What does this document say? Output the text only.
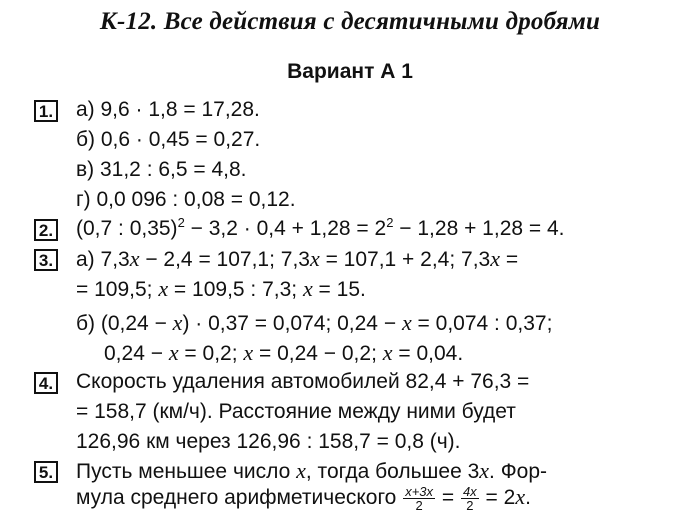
К-12. Все действия с десятичными дробями
Вариант А 1
1. а) 9,6 · 1,8 = 17,28.
б) 0,6 · 0,45 = 0,27.
в) 31,2 : 6,5 = 4,8.
г) 0,0 096 : 0,08 = 0,12.
2. (0,7 : $0,35)^2 - 3,2 \cdot 0,4 + 1,28 = 2^2 - 1,28 + 1,28 = 4$.
3. а) 7,3x − 2,4 = 107,1; 7,3x = 107,1 + 2,4; 7,3x =
= 109,5; x = 109,5 : 7,3; x = 15.
б) (0,24 − x) · 0,37 = 0,074; 0,24 − x = 0,074 : 0,37;
0,24 − x = 0,2; x = 0,24 − 0,2; x = 0,04.
4. Скорость удаления автомобилей 82,4 + 76,3 =
= 158,7 (км/ч). Расстояние между ними будет
126,96 км через 126,96 : 158,7 = 0,8 (ч).
5. Пусть меньшее число x, тогда большее 3x. Фор-
мула среднего арифметического $\frac{x+3x}{2} = \frac{4x}{2} = 2x$.
